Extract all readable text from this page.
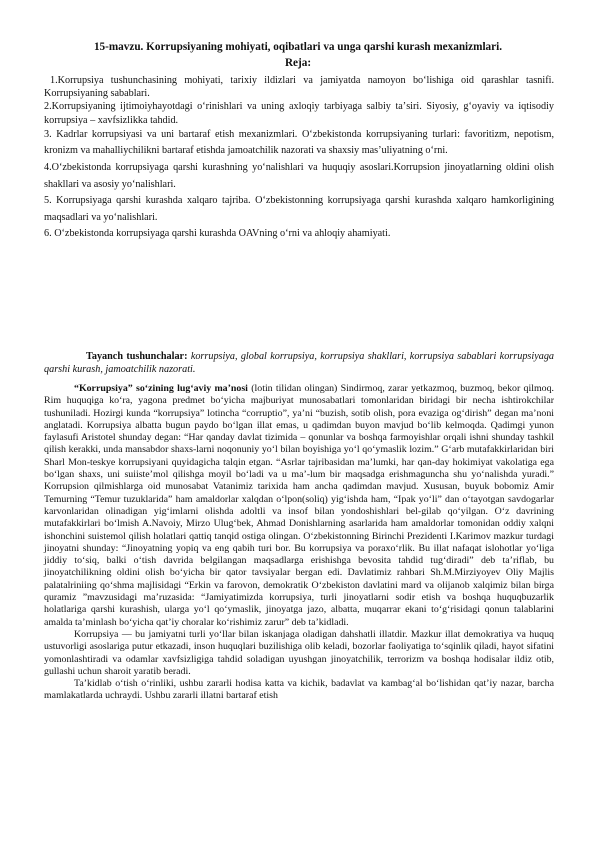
15-mavzu. Korrupsiyaning mohiyati, oqibatlari va unga qarshi kurash mexanizmlari.
Reja:

1.Korrupsiya tushunchasining mohiyati, tarixiy ildizlari va jamiyatda namoyon boʻlishiga oid qarashlar tasnifi. Korrupsiyaning sabablari.

2.Korrupsiyaning ijtimoiyhayotdagi oʻrinishlari va uning axloqiy tarbiyaga salbiy taʼsiri. Siyosiy, gʻoyaviy va iqtisodiy korrupsiya – xavfsizlikka tahdid.

3. Kadrlar korrupsiyasi va uni bartaraf etish mexanizmlari. Oʻzbekistonda korrupsiyaning turlari: favoritizm, nepotism, kronizm va mahalliychilikni bartaraf etishda jamoatchilik nazorati va shaxsiy masʼuliyatning oʻrni.

4.Oʻzbekistonda korrupsiyaga qarshi kurashning yoʻnalishlari va huquqiy asoslari.Korrupsion jinoyatlarning oldini olish shakllari va asosiy yoʻnalishlari.

5. Korrupsiyaga qarshi kurashda xalqaro tajriba. Oʻzbekistonning korrupsiyaga qarshi kurashda xalqaro hamkorligining maqsadlari va yoʻnalishlari.

6. Oʻzbekistonda korrupsiyaga qarshi kurashda OAVning oʻrni va ahloqiy ahamiyati.

Tayanch tushunchalar: korrupsiya, global korrupsiya, korrupsiya shakllari, korrupsiya sabablari korrupsiyaga qarshi kurash, jamoatchilik nazorati.

“Korrupsiya” soʻzining lugʻaviy maʼnosi (lotin tilidan olingan) Sindirmoq, zarar yetkazmoq, buzmoq, bekor qilmoq. Rim huquqiga koʻra, yagona predmet boʻyicha majburiyat munosabatlari tomonlaridan biridagi bir necha ishtirokchilar tushuniladi. Hozirgi kunda “korrupsiya” lotincha “corruptio”, yaʼni “buzish, sotib olish, pora evaziga ogʻdirish” degan maʼnoni anglatadi. Korrupsiya albatta bugun paydo boʻlgan illat emas, u qadimdan buyon mavjud boʻlib kelmoqda. Qadimgi yunon faylasufi Aristotel shunday degan: “Har qanday davlat tizimida – qonunlar va boshqa farmoyishlar orqali ishni shunday tashkil qilish kerakki, unda mansabdor shaxs-larni noqonuniy yoʻl bilan boyishiga yoʻl qoʻymaslik lozim.” Gʻarb mutafakkirlaridan biri Sharl Mon-teskye korrupsiyani quyidagicha talqin etgan. “Asrlar tajribasidan maʼlumki, har qan-day hokimiyat vakolatiga ega boʻlgan shaxs, uni suiisteʼmol qilishga moyil boʻladi va u maʼ-lum bir maqsadga erishmaguncha shu yoʻnalishda yuradi.” Korrupsion qilmishlarga oid munosabat Vatanimiz tarixida ham ancha qadimdan mavjud. Xususan, buyuk bobomiz Amir Temurning “Temur tuzuklarida” ham amaldorlar xalqdan oʻlpon(soliq) yigʻishda ham, “Ipak yoʻli” dan oʻtayotgan savdogarlar karvonlaridan olinadigan yigʻimlarni olishda adoltli va insof bilan yondoshishlari bel-gilab qoʻyilgan. Oʻz davrining mutafakkirlari boʻlmish A.Navoiy, Mirzo Ulugʻbek, Ahmad Donishlarning asarlarida ham amaldorlar tomonidan oddiy xalqni ishonchini suistemol qilish holatlari qattiq tanqid ostiga olingan. Oʻzbekistonning Birinchi Prezidenti I.Karimov mazkur turdagi jinoyatni shunday: “Jinoyatning yopiq va eng qabih turi bor. Bu korrupsiya va poraxoʻrlik. Bu illat nafaqat islohotlar yoʻliga jiddiy toʻsiq, balki oʻtish davrida belgilangan maqsadlarga erishishga bevosita tahdid tugʻdiradi” deb taʼriflab, bu jinoyatchilikning oldini olish boʻyicha bir qator tavsiyalar bergan edi. Davlatimiz rahbari Sh.M.Mirziyoyev Oliy Majlis palatalriniing qoʻshma majlisidagi “Erkin va farovon, demokratik Oʻzbekiston davlatini mard va olijanob xalqimiz bilan birga quramiz ”mavzusidagi maʼruzasida: “Jamiyatimizda korrupsiya, turli jinoyatlarni sodir etish va boshqa huquqbuzarlik holatlariga qarshi kurashish, ularga yoʻl qoʻymaslik, jinoyatga jazo, albatta, muqarrar ekani toʻgʻrisidagi qonun talablarini amalda taʼminlash boʻyicha qatʼiy choralar koʻrishimiz zarur” deb taʼkidladi.

Korrupsiya — bu jamiyatni turli yoʻllar bilan iskanjaga oladigan dahshatli illatdir. Mazkur illat demokratiya va huquq ustuvorligi asoslariga putur etkazadi, inson huquqlari buzilishiga olib keladi, bozorlar faoliyatiga toʻsqinlik qiladi, hayot sifatini yomonlashtiradi va odamlar xavfsizligiga tahdid soladigan uyushgan jinoyatchilik, terrorizm va boshqa hodisalar ildiz otib, gullashi uchun sharoit yaratib beradi.

Taʼkidlab oʻtish oʻrinliki, ushbu zararli hodisa katta va kichik, badavlat va kambagʻal boʻlishidan qatʼiy nazar, barcha mamlakatlarda uchraydi. Ushbu zararli illatni bartaraf etish
